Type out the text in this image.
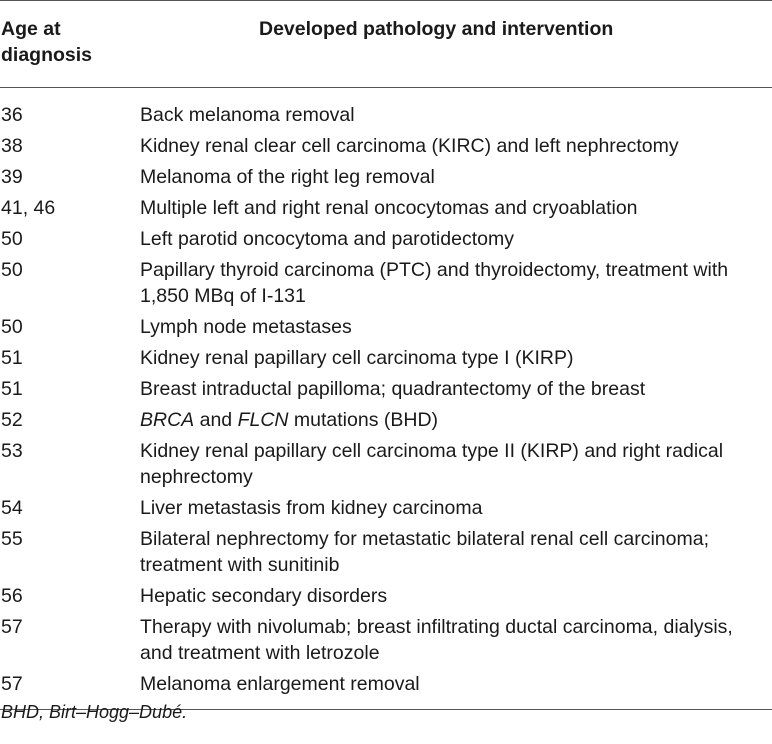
Age at diagnosis	Developed pathology and intervention
36	Back melanoma removal
38	Kidney renal clear cell carcinoma (KIRC) and left nephrectomy
39	Melanoma of the right leg removal
41, 46	Multiple left and right renal oncocytomas and cryoablation
50	Left parotid oncocytoma and parotidectomy
50	Papillary thyroid carcinoma (PTC) and thyroidectomy, treatment with 1,850 MBq of I-131
50	Lymph node metastases
51	Kidney renal papillary cell carcinoma type I (KIRP)
51	Breast intraductal papilloma; quadrantectomy of the breast
52	BRCA and FLCN mutations (BHD)
53	Kidney renal papillary cell carcinoma type II (KIRP) and right radical nephrectomy
54	Liver metastasis from kidney carcinoma
55	Bilateral nephrectomy for metastatic bilateral renal cell carcinoma; treatment with sunitinib
56	Hepatic secondary disorders
57	Therapy with nivolumab; breast infiltrating ductal carcinoma, dialysis, and treatment with letrozole
57	Melanoma enlargement removal
BHD, Birt–Hogg–Dubé.
